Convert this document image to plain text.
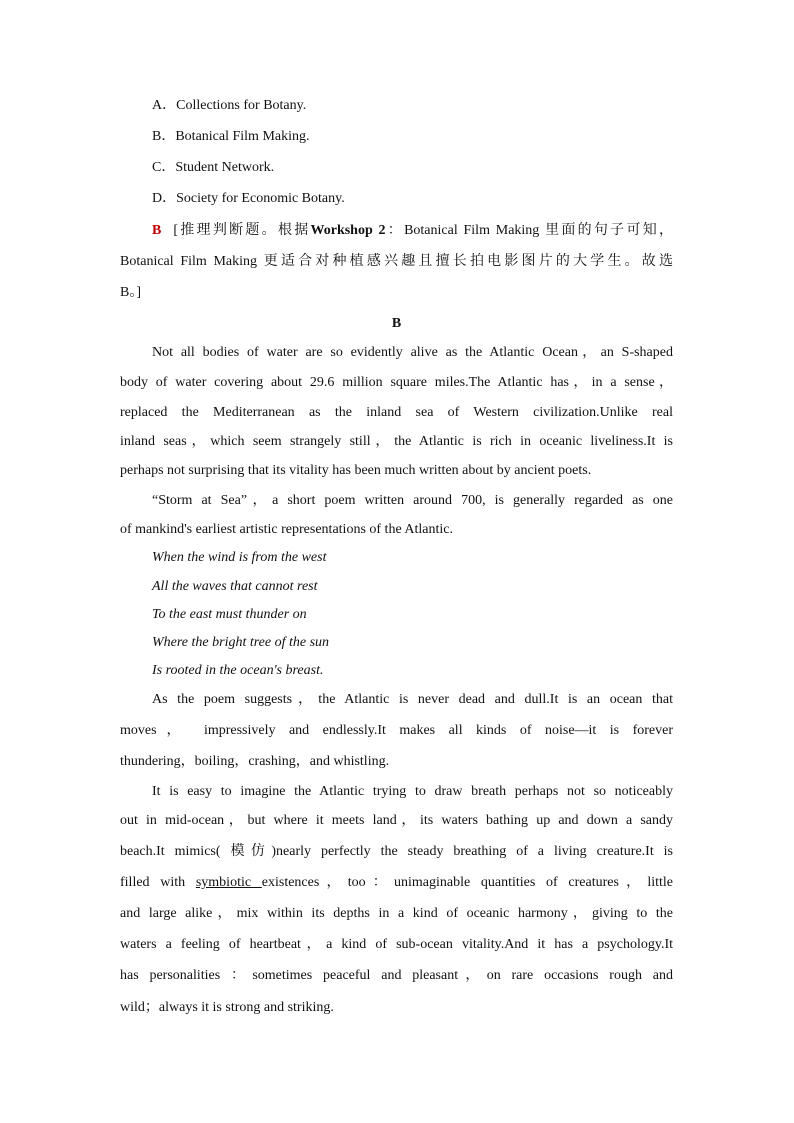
A．Collections for Botany.
B．Botanical Film Making.
C．Student Network.
D．Society for Economic Botany.
B [推理判断题。根据Workshop 2：Botanical Film Making 里面的句子可知，
Botanical Film Making 更适合对种植感兴趣且擅长拍电影图片的大学生。故选
B。]
B
Not all bodies of water are so evidently alive as the Atlantic Ocean，an S-shaped
body of water covering about 29.6 million square miles.The Atlantic has，in a sense，
replaced the Mediterranean as the inland sea of Western civilization.Unlike real
inland seas，which seem strangely still，the Atlantic is rich in oceanic liveliness.It is
perhaps not surprising that its vitality has been much written about by ancient poets.
“Storm at Sea”，a short poem written around 700, is generally regarded as one
of mankind's earliest artistic representations of the Atlantic.
When the wind is from the west
All the waves that cannot rest
To the east must thunder on
Where the bright tree of the sun
Is rooted in the ocean's breast.
As the poem suggests，the Atlantic is never dead and dull.It is an ocean that
moves， impressively and endlessly.It makes all kinds of noise—it is forever
thundering，boiling，crashing，and whistling.
It is easy to imagine the Atlantic trying to draw breath perhaps not so noticeably
out in mid-ocean，but where it meets land，its waters bathing up and down a sandy
beach.It mimics( 模仿)nearly perfectly the steady breathing of a living creature.It is
filled with symbiotic existences，too：unimaginable quantities of creatures，little
and large alike，mix within its depths in a kind of oceanic harmony，giving to the
waters a feeling of heartbeat，a kind of sub-ocean vitality.And it has a psychology.It
has personalities ：sometimes peaceful and pleasant，on rare occasions rough and
wild；always it is strong and striking.
